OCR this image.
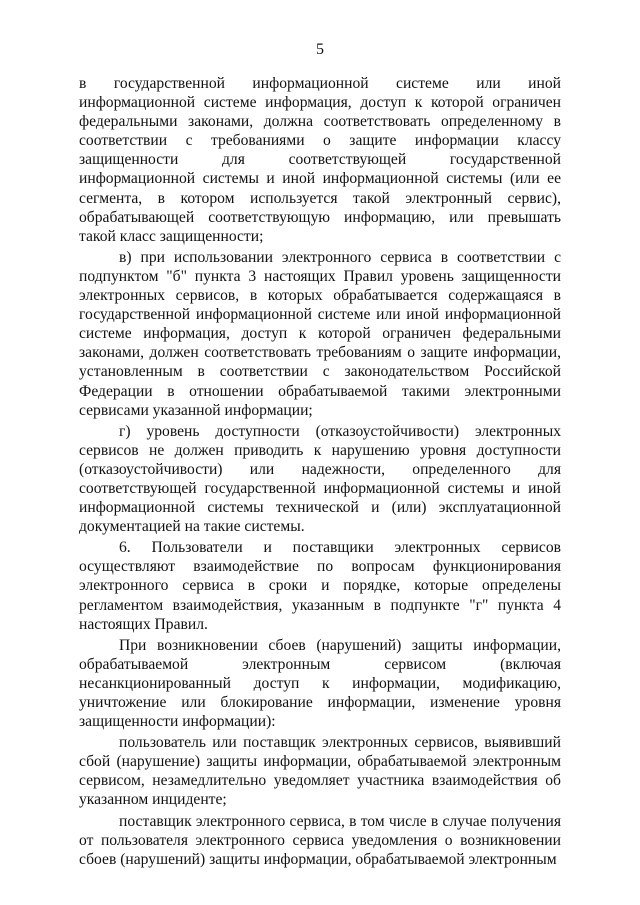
5

в государственной информационной системе или иной информационной системе информация, доступ к которой ограничен федеральными законами, должна соответствовать определенному в соответствии с требованиями о защите информации классу защищенности для соответствующей государственной информационной системы и иной информационной системы (или ее сегмента, в котором используется такой электронный сервис), обрабатывающей соответствующую информацию, или превышать такой класс защищенности;

в) при использовании электронного сервиса в соответствии с подпунктом "б" пункта 3 настоящих Правил уровень защищенности электронных сервисов, в которых обрабатывается содержащаяся в государственной информационной системе или иной информационной системе информация, доступ к которой ограничен федеральными законами, должен соответствовать требованиям о защите информации, установленным в соответствии с законодательством Российской Федерации в отношении обрабатываемой такими электронными сервисами указанной информации;

г) уровень доступности (отказоустойчивости) электронных сервисов не должен приводить к нарушению уровня доступности (отказоустойчивости) или надежности, определенного для соответствующей государственной информационной системы и иной информационной системы технической и (или) эксплуатационной документацией на такие системы.

6. Пользователи и поставщики электронных сервисов осуществляют взаимодействие по вопросам функционирования электронного сервиса в сроки и порядке, которые определены регламентом взаимодействия, указанным в подпункте "г" пункта 4 настоящих Правил.

При возникновении сбоев (нарушений) защиты информации, обрабатываемой электронным сервисом (включая несанкционированный доступ к информации, модификацию, уничтожение или блокирование информации, изменение уровня защищенности информации):

пользователь или поставщик электронных сервисов, выявивший сбой (нарушение) защиты информации, обрабатываемой электронным сервисом, незамедлительно уведомляет участника взаимодействия об указанном инциденте;

поставщик электронного сервиса, в том числе в случае получения от пользователя электронного сервиса уведомления о возникновении сбоев (нарушений) защиты информации, обрабатываемой электронным
